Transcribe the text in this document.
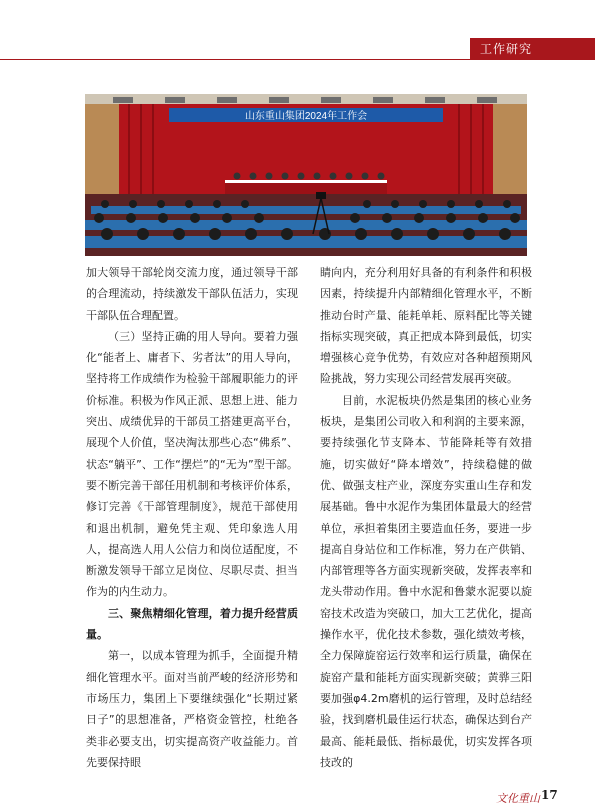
工作研究
山东重山集团2024年工作会

加大领导干部轮岗交流力度，通过领导干部的合理流动，持续激发干部队伍活力，实现干部队伍合理配置。

（三）坚持正确的用人导向。要着力强化“能者上、庸者下、劣者汰”的用人导向，坚持将工作成绩作为检验干部履职能力的评价标准。积极为作风正派、思想上进、能力突出、成绩优异的干部员工搭建更高平台，展现个人价值，坚决淘汰那些心态“佛系”、状态“躺平”、工作“摆烂”的“无为”型干部。要不断完善干部任用机制和考核评价体系，修订完善《干部管理制度》，规范干部使用和退出机制，避免凭主观、凭印象选人用人，提高选人用人公信力和岗位适配度，不断激发领导干部立足岗位、尽职尽责、担当作为的内生动力。

三、聚焦精细化管理，着力提升经营质量。

第一，以成本管理为抓手，全面提升精细化管理水平。面对当前严峻的经济形势和市场压力，集团上下要继续强化“长期过紧日子”的思想准备，严格资金管控，杜绝各类非必要支出，切实提高资产收益能力。首先要保持眼

睛向内，充分利用好具备的有利条件和积极因素，持续提升内部精细化管理水平，不断推动台时产量、能耗单耗、原料配比等关键指标实现突破，真正把成本降到最低，切实增强核心竞争优势，有效应对各种超预期风险挑战，努力实现公司经营发展再突破。

目前，水泥板块仍然是集团的核心业务板块，是集团公司收入和利润的主要来源，要持续强化节支降本、节能降耗等有效措施，切实做好“降本增效”，持续稳健的做优、做强支柱产业，深度夯实重山生存和发展基础。鲁中水泥作为集团体量最大的经营单位，承担着集团主要造血任务，要进一步提高自身站位和工作标准，努力在产供销、内部管理等各方面实现新突破，发挥表率和龙头带动作用。鲁中水泥和鲁蒙水泥要以旋窑技术改造为突破口，加大工艺优化，提高操作水平，优化技术参数，强化绩效考核，全力保障旋窑运行效率和运行质量，确保在旋窑产量和能耗方面实现新突破；黄骅三阳要加强φ4.2m磨机的运行管理，及时总结经验，找到磨机最佳运行状态，确保达到台产最高、能耗最低、指标最优，切实发挥各项技改的

文化重山 17
